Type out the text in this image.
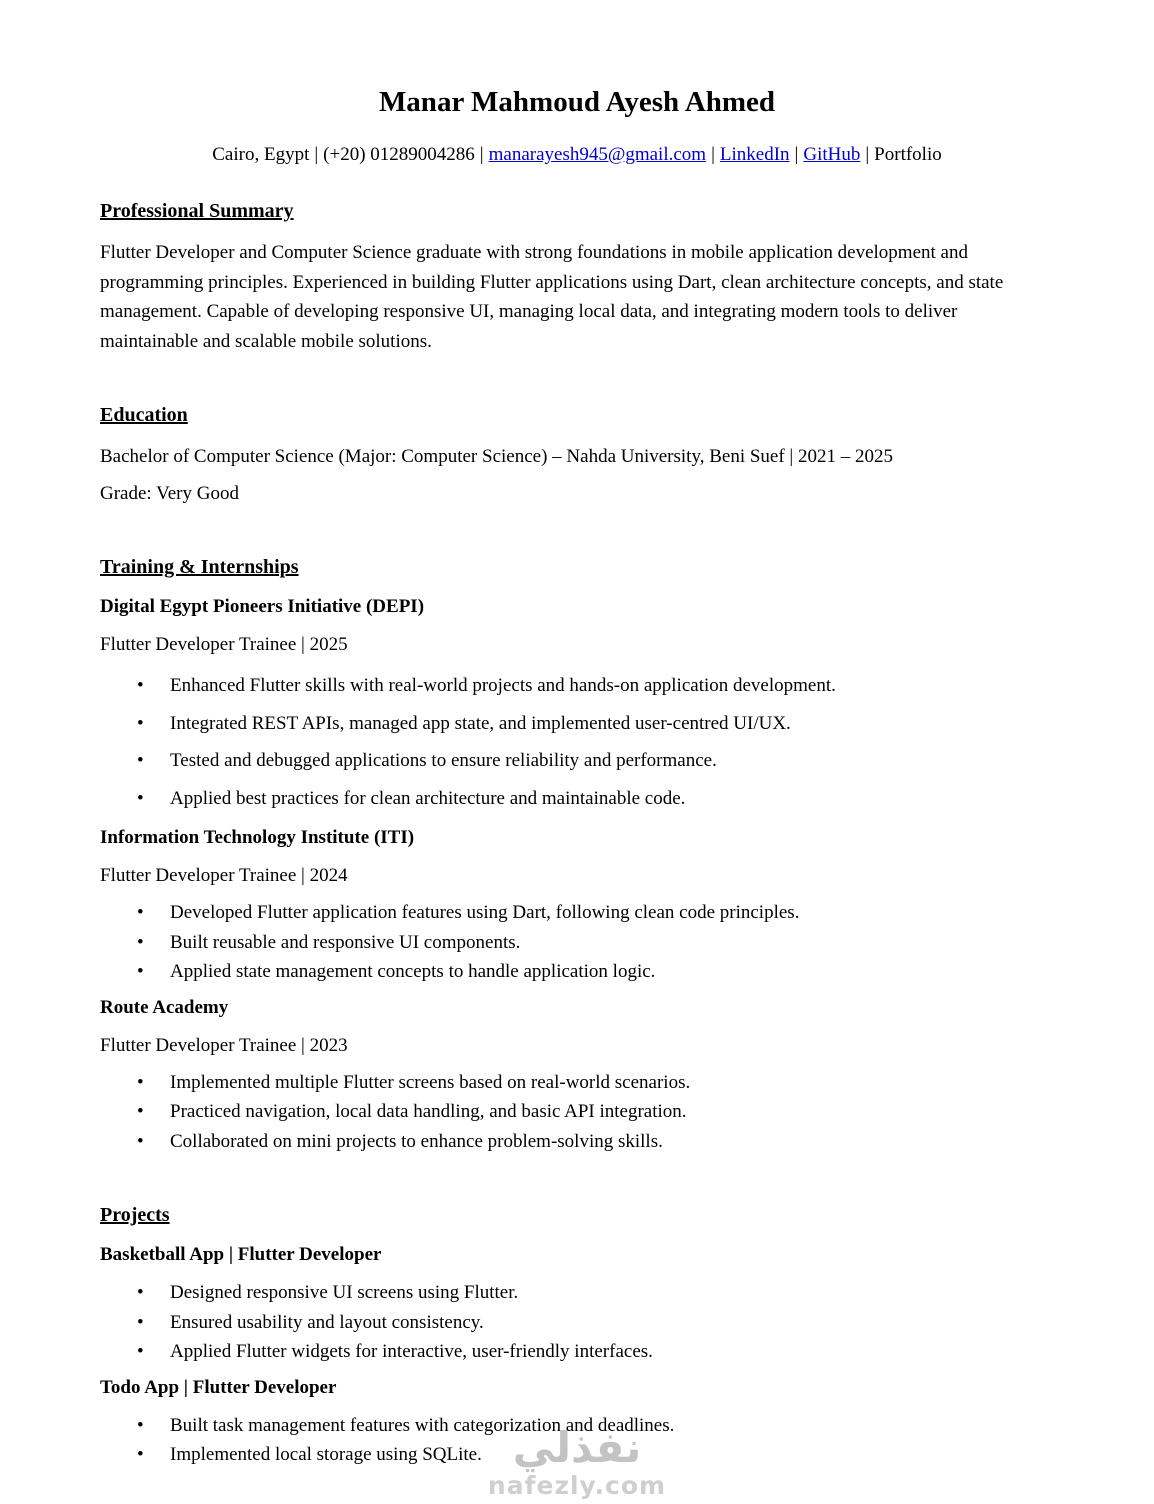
Manar Mahmoud Ayesh Ahmed

Cairo, Egypt | (+20) 01289004286 | manarayesh945@gmail.com | LinkedIn | GitHub | Portfolio

Professional Summary

Flutter Developer and Computer Science graduate with strong foundations in mobile application development and programming principles. Experienced in building Flutter applications using Dart, clean architecture concepts, and state management. Capable of developing responsive UI, managing local data, and integrating modern tools to deliver maintainable and scalable mobile solutions.

Education

Bachelor of Computer Science (Major: Computer Science) – Nahda University, Beni Suef | 2021 – 2025

Grade: Very Good

Training & Internships
Digital Egypt Pioneers Initiative (DEPI)

Flutter Developer Trainee | 2025

• Enhanced Flutter skills with real-world projects and hands-on application development.
• Integrated REST APIs, managed app state, and implemented user-centred UI/UX.
• Tested and debugged applications to ensure reliability and performance.
• Applied best practices for clean architecture and maintainable code.
Information Technology Institute (ITI)

Flutter Developer Trainee | 2024

• Developed Flutter application features using Dart, following clean code principles.
• Built reusable and responsive UI components.
• Applied state management concepts to handle application logic.
Route Academy

Flutter Developer Trainee | 2023

• Implemented multiple Flutter screens based on real-world scenarios.
• Practiced navigation, local data handling, and basic API integration.
• Collaborated on mini projects to enhance problem-solving skills.
Projects
Basketball App | Flutter Developer
• Designed responsive UI screens using Flutter.
• Ensured usability and layout consistency.
• Applied Flutter widgets for interactive, user-friendly interfaces.
Todo App | Flutter Developer
• Built task management features with categorization and deadlines.
• Implemented local storage using SQLite. نفذلي
nafezly.com
